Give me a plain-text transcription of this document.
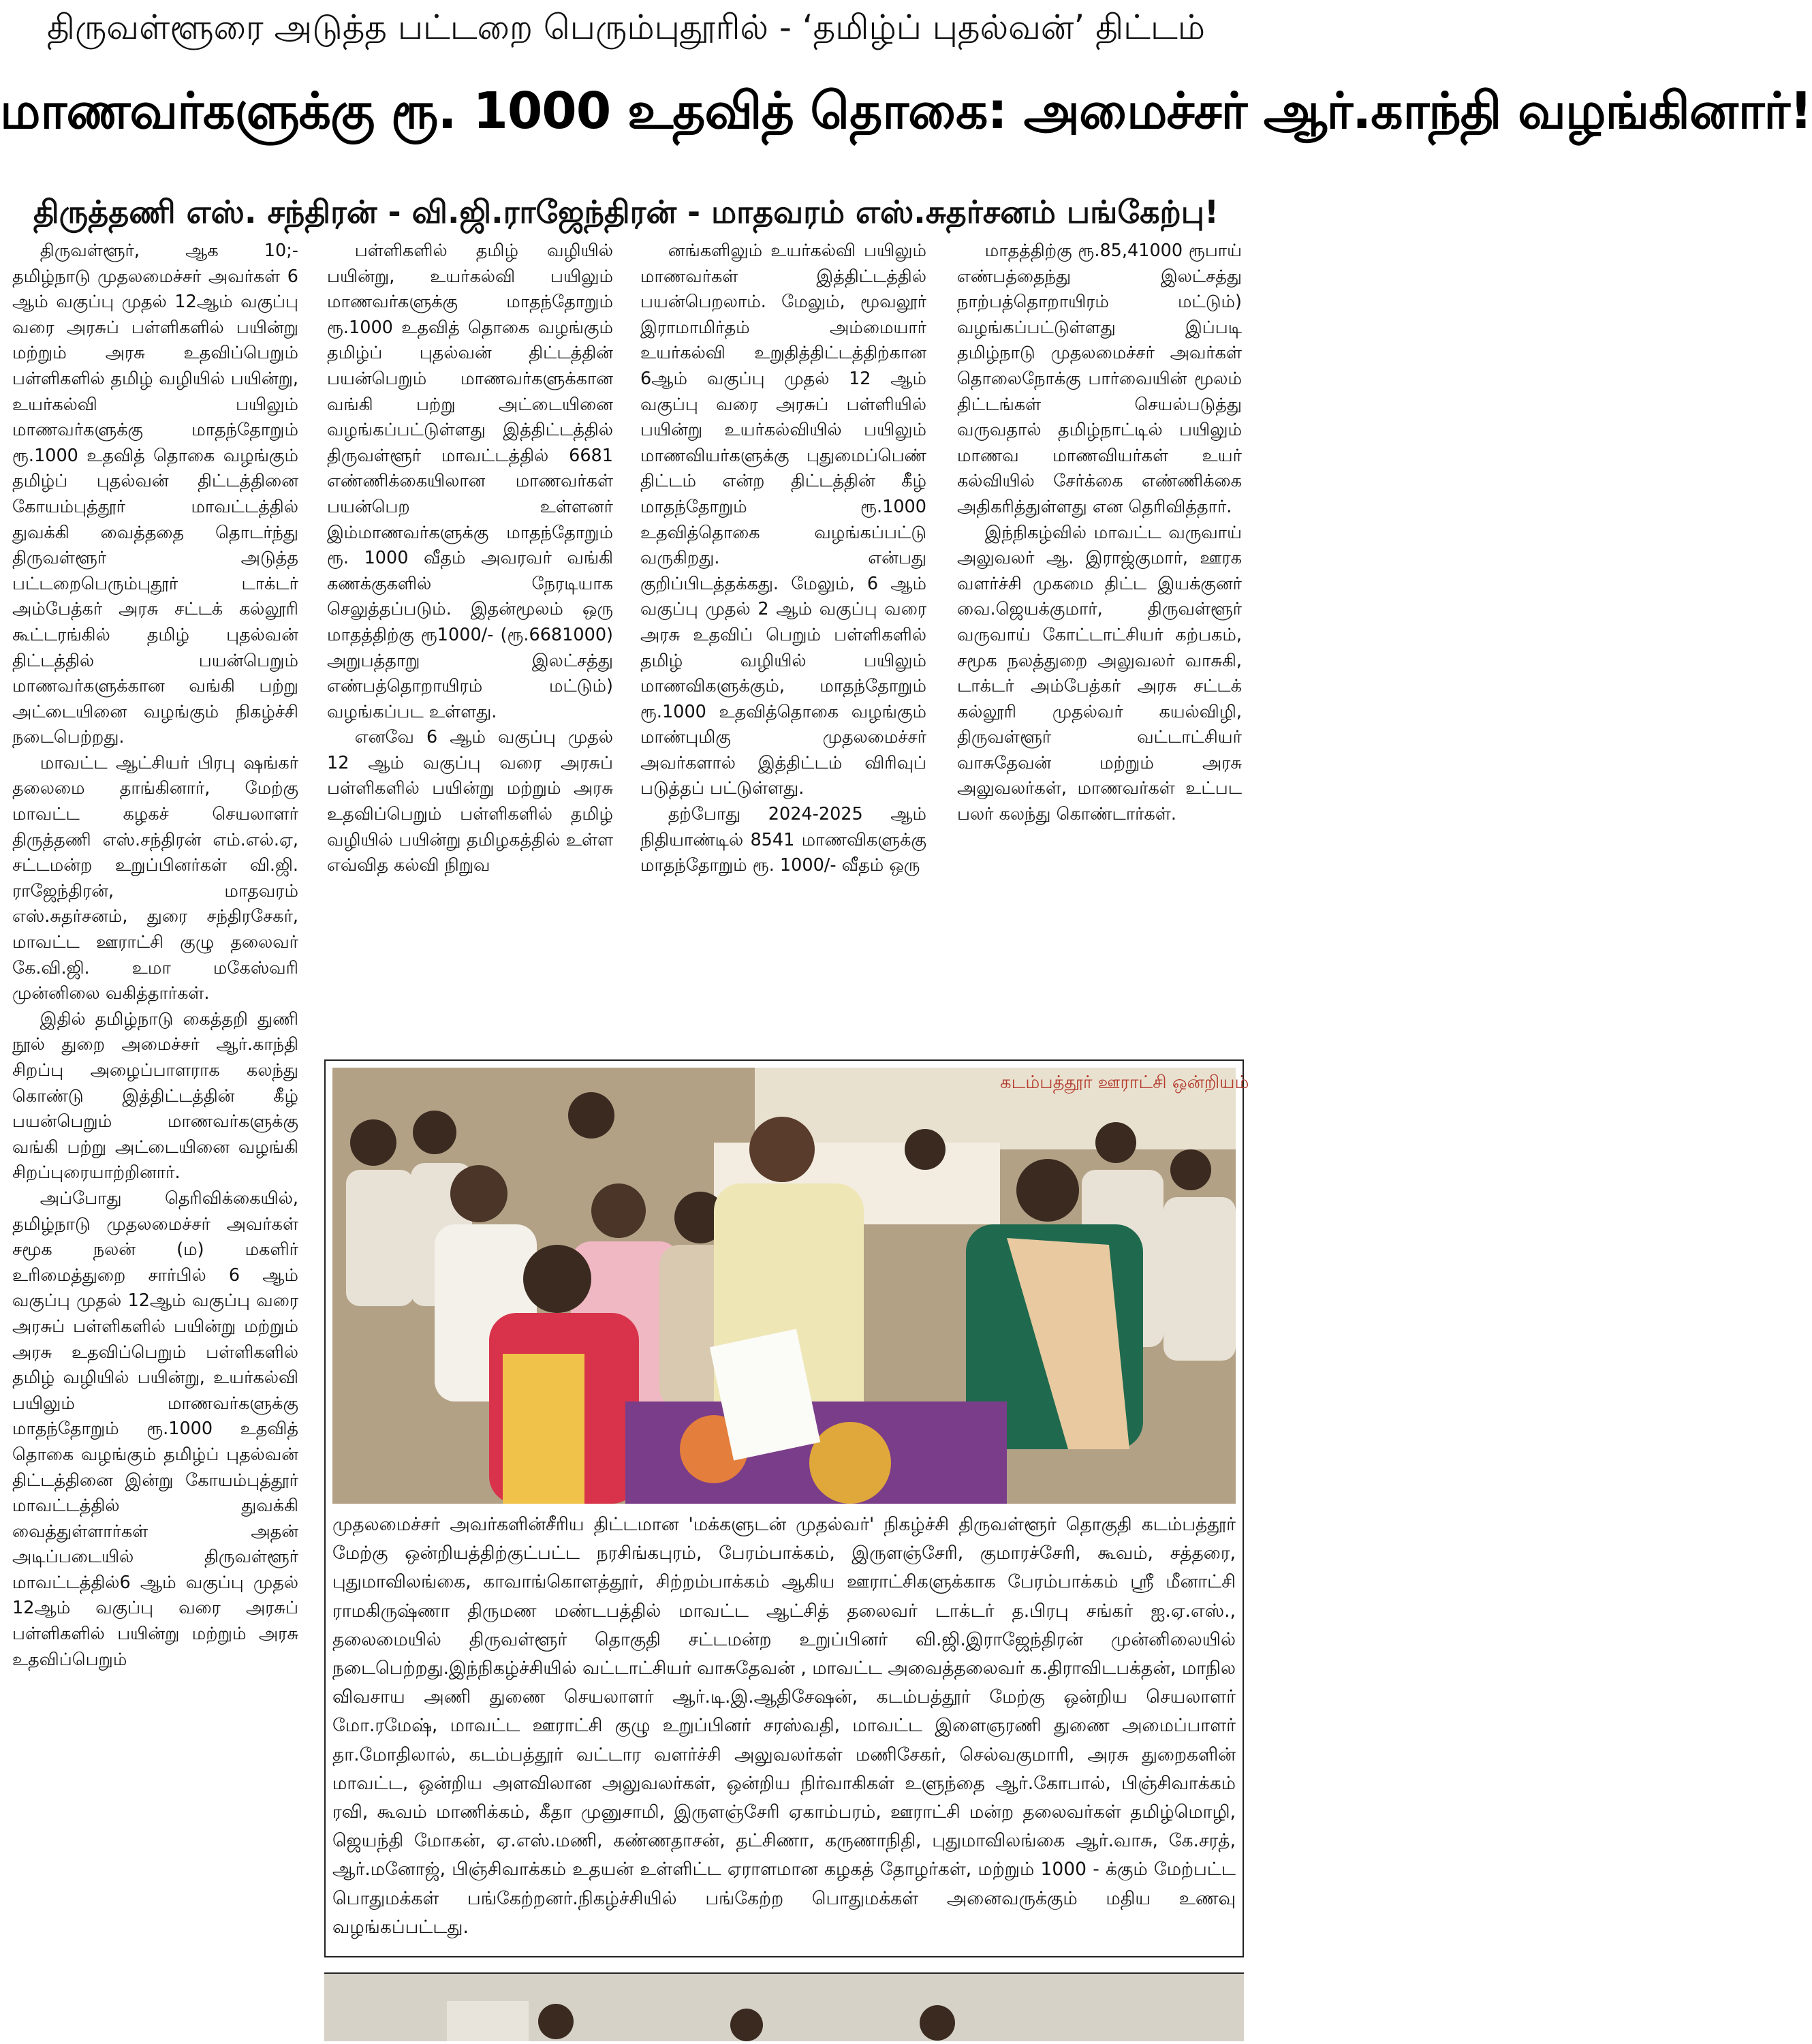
திருவள்ளூரை அடுத்த பட்டறை பெரும்புதூரில் - ‘தமிழ்ப் புதல்வன்’ திட்டம்
மாணவர்களுக்கு ரூ. 1000 உதவித் தொகை: அமைச்சர் ஆர்.காந்தி வழங்கினார்!
திருத்தணி எஸ். சந்திரன் - வி.ஜி.ராஜேந்திரன் - மாதவரம் எஸ்.சுதர்சனம் பங்கேற்பு!

திருவள்ளூர், ஆக 10;- தமிழ்நாடு முதலமைச்சர் அவர்கள் 6 ஆம் வகுப்பு முதல் 12ஆம் வகுப்பு வரை அரசுப் பள்ளிகளில் பயின்று மற்றும் அரசு உதவிப்பெறும் பள்ளிகளில் தமிழ் வழியில் பயின்று, உயர்கல்வி பயிலும் மாணவர்களுக்கு மாதந்தோறும் ரூ.1000 உதவித் தொகை வழங்கும் தமிழ்ப் புதல்வன் திட்டத்தினை கோயம்புத்தூர் மாவட்டத்தில் துவக்கி வைத்ததை தொடர்ந்து திருவள்ளூர் அடுத்த பட்டறைபெரும்புதூர் டாக்டர் அம்பேத்கர் அரசு சட்டக் கல்லூரி கூட்டரங்கில் தமிழ் புதல்வன் திட்டத்தில் பயன்பெறும் மாணவர்களுக்கான வங்கி பற்று அட்டையினை வழங்கும் நிகழ்ச்சி நடைபெற்றது.

மாவட்ட ஆட்சியர் பிரபு ஷங்கர் தலைமை தாங்கினார், மேற்கு மாவட்ட கழகச் செயலாளர் திருத்தணி எஸ்.சந்திரன் எம்.எல்.ஏ, சட்டமன்ற உறுப்பினர்கள் வி.ஜி. ராஜேந்திரன், மாதவரம் எஸ்.சுதர்சனம், துரை சந்திரசேகர், மாவட்ட ஊராட்சி குழு தலைவர் கே.வி.ஜி. உமா மகேஸ்வரி முன்னிலை வகித்தார்கள்.

இதில் தமிழ்நாடு கைத்தறி துணி நூல் துறை அமைச்சர் ஆர்.காந்தி சிறப்பு அழைப்பாளராக கலந்து கொண்டு இத்திட்டத்தின் கீழ் பயன்பெறும் மாணவர்களுக்கு வங்கி பற்று அட்டையினை வழங்கி சிறப்புரையாற்றினார்.

அப்போது தெரிவிக்கையில், தமிழ்நாடு முதலமைச்சர் அவர்கள் சமூக நலன் (ம) மகளிர் உரிமைத்துறை சார்பில் 6 ஆம் வகுப்பு முதல் 12ஆம் வகுப்பு வரை அரசுப் பள்ளிகளில் பயின்று மற்றும் அரசு உதவிப்பெறும் பள்ளிகளில் தமிழ் வழியில் பயின்று, உயர்கல்வி பயிலும் மாணவர்களுக்கு மாதந்தோறும் ரூ.1000 உதவித் தொகை வழங்கும் தமிழ்ப் புதல்வன் திட்டத்தினை இன்று கோயம்புத்தூர் மாவட்டத்தில் துவக்கி வைத்துள்ளார்கள் அதன் அடிப்படையில் திருவள்ளூர் மாவட்டத்தில்6 ஆம் வகுப்பு முதல் 12ஆம் வகுப்பு வரை அரசுப் பள்ளிகளில் பயின்று மற்றும் அரசு உதவிப்பெறும்

பள்ளிகளில் தமிழ் வழியில் பயின்று, உயர்கல்வி பயிலும் மாணவர்களுக்கு மாதந்தோறும் ரூ.1000 உதவித் தொகை வழங்கும் தமிழ்ப் புதல்வன் திட்டத்தின் பயன்பெறும் மாணவர்களுக்கான வங்கி பற்று அட்டையினை வழங்கப்பட்டுள்ளது இத்திட்டத்தில் திருவள்ளூர் மாவட்டத்தில் 6681 எண்ணிக்கையிலான மாணவர்கள் பயன்பெற உள்ளனர் இம்மாணவர்களுக்கு மாதந்தோறும் ரூ. 1000 வீதம் அவரவர் வங்கி கணக்குகளில் நேரடியாக செலுத்தப்படும். இதன்மூலம் ஒரு மாதத்திற்கு ரூ1000/- (ரூ.6681000) அறுபத்தாறு இலட்சத்து எண்பத்தொறாயிரம் மட்டும்) வழங்கப்பட உள்ளது.

எனவே 6 ஆம் வகுப்பு முதல் 12 ஆம் வகுப்பு வரை அரசுப் பள்ளிகளில் பயின்று மற்றும் அரசு உதவிப்பெறும் பள்ளிகளில் தமிழ் வழியில் பயின்று தமிழகத்தில் உள்ள எவ்வித கல்வி நிறுவ

னங்களிலும் உயர்கல்வி பயிலும் மாணவர்கள் இத்திட்டத்தில் பயன்பெறலாம். மேலும், மூவலூர் இராமாமிர்தம் அம்மையார் உயர்கல்வி உறுதித்திட்டத்திற்கான 6ஆம் வகுப்பு முதல் 12 ஆம் வகுப்பு வரை அரசுப் பள்ளியில் பயின்று உயர்கல்வியில் பயிலும் மாணவியர்களுக்கு புதுமைப்பெண் திட்டம் என்ற திட்டத்தின் கீழ் மாதந்தோறும் ரூ.1000 உதவித்தொகை வழங்கப்பட்டு வருகிறது. என்பது குறிப்பிடத்தக்கது. மேலும், 6 ஆம் வகுப்பு முதல் 2 ஆம் வகுப்பு வரை அரசு உதவிப் பெறும் பள்ளிகளில் தமிழ் வழியில் பயிலும் மாணவிகளுக்கும், மாதந்தோறும் ரூ.1000 உதவித்தொகை வழங்கும் மாண்புமிகு முதலமைச்சர் அவர்களால் இத்திட்டம் விரிவுப் படுத்தப் பட்டுள்ளது.

தற்போது 2024-2025 ஆம் நிதியாண்டில் 8541 மாணவிகளுக்கு மாதந்தோறும் ரூ. 1000/- வீதம் ஒரு

மாதத்திற்கு ரூ.85,41000 ரூபாய் எண்பத்தைந்து இலட்சத்து நாற்பத்தொறாயிரம் மட்டும்) வழங்கப்பட்டுள்ளது இப்படி தமிழ்நாடு முதலமைச்சர் அவர்கள் தொலைநோக்கு பார்வையின் மூலம் திட்டங்கள் செயல்படுத்து வருவதால் தமிழ்நாட்டில் பயிலும் மாணவ மாணவியர்கள் உயர் கல்வியில் சேர்க்கை எண்ணிக்கை அதிகரித்துள்ளது என தெரிவித்தார்.

இந்நிகழ்வில் மாவட்ட வருவாய் அலுவலர் ஆ. இராஜ்குமார், ஊரக வளர்ச்சி முகமை திட்ட இயக்குனர் வை.ஜெயக்குமார், திருவள்ளூர் வருவாய் கோட்டாட்சியர் கற்பகம், சமூக நலத்துறை அலுவலர் வாசுகி, டாக்டர் அம்பேத்கர் அரசு சட்டக் கல்லூரி முதல்வர் கயல்விழி, திருவள்ளூர் வட்டாட்சியர் வாசுதேவன் மற்றும் அரசு அலுவலர்கள், மாணவர்கள் உட்பட பலர் கலந்து கொண்டார்கள்.

கடம்பத்தூர் ஊராட்சி ஒன்றியம்
முதலமைச்சர் அவர்களின்சீரிய திட்டமான 'மக்களுடன் முதல்வர்' நிகழ்ச்சி திருவள்ளூர் தொகுதி கடம்பத்தூர் மேற்கு ஒன்றியத்திற்குட்பட்ட நரசிங்கபுரம், பேரம்பாக்கம், இருளஞ்சேரி, குமாரச்சேரி, கூவம், சத்தரை, புதுமாவிலங்கை, காவாங்கொளத்தூர், சிற்றம்பாக்கம் ஆகிய ஊராட்சிகளுக்காக பேரம்பாக்கம் ஸ்ரீ மீனாட்சி ராமகிருஷ்ணா திருமண மண்டபத்தில் மாவட்ட ஆட்சித் தலைவர் டாக்டர் த.பிரபு சங்கர் ஐ.ஏ.எஸ்., தலைமையில் திருவள்ளூர் தொகுதி சட்டமன்ற உறுப்பினர் வி.ஜி.இராஜேந்திரன் முன்னிலையில் நடைபெற்றது.இந்நிகழ்ச்சியில் வட்டாட்சியர் வாசுதேவன் , மாவட்ட அவைத்தலைவர் க.திராவிடபக்தன், மாநில விவசாய அணி துணை செயலாளர் ஆர்.டி.இ.ஆதிசேஷன், கடம்பத்தூர் மேற்கு ஒன்றிய செயலாளர் மோ.ரமேஷ், மாவட்ட ஊராட்சி குழு உறுப்பினர் சரஸ்வதி, மாவட்ட இளைஞரணி துணை அமைப்பாளர் தா.மோதிலால், கடம்பத்தூர் வட்டார வளர்ச்சி அலுவலர்கள் மணிசேகர், செல்வகுமாரி, அரசு துறைகளின் மாவட்ட, ஒன்றிய அளவிலான அலுவலர்கள், ஒன்றிய நிர்வாகிகள் உளுந்தை ஆர்.கோபால், பிஞ்சிவாக்கம் ரவி, கூவம் மாணிக்கம், கீதா முனுசாமி, இருளஞ்சேரி ஏகாம்பரம், ஊராட்சி மன்ற தலைவர்கள் தமிழ்மொழி, ஜெயந்தி மோகன், ஏ.எஸ்.மணி, கண்ணதாசன், தட்சிணா, கருணாநிதி, புதுமாவிலங்கை ஆர்.வாசு, கே.சரத், ஆர்.மனோஜ், பிஞ்சிவாக்கம் உதயன் உள்ளிட்ட ஏராளமான கழகத் தோழர்கள், மற்றும் 1000 - க்கும் மேற்பட்ட பொதுமக்கள் பங்கேற்றனர்.நிகழ்ச்சியில் பங்கேற்ற பொதுமக்கள் அனைவருக்கும் மதிய உணவு வழங்கப்பட்டது.
